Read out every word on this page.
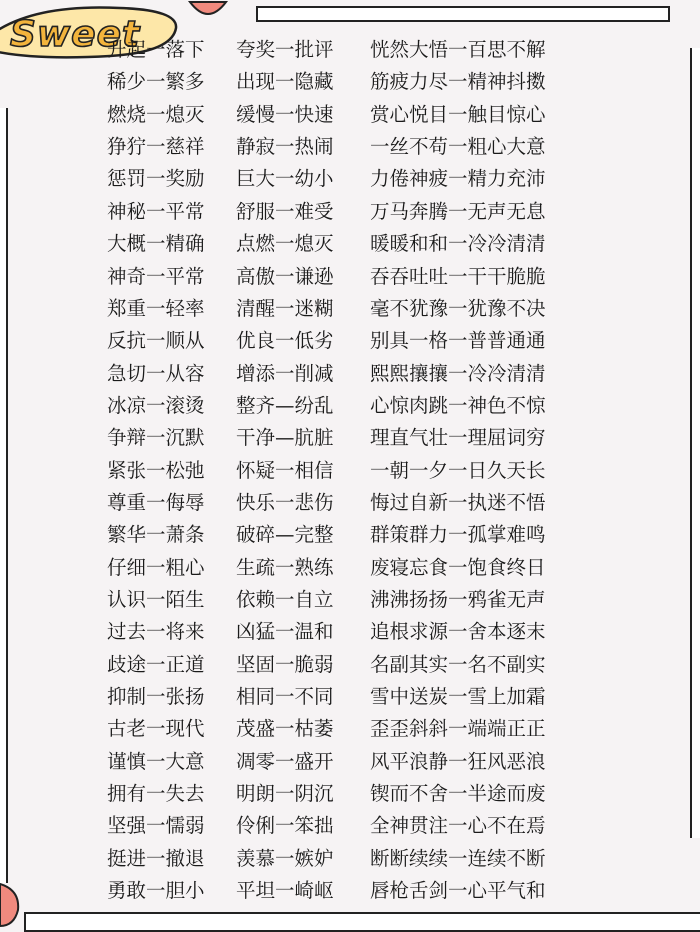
Sweet
升起一落下 夸奖一批评 恍然大悟一百思不解
稀少一繁多 出现一隐藏 筋疲力尽一精神抖擞
燃烧一熄灭 缓慢一快速 赏心悦目一触目惊心
狰狞一慈祥 静寂一热闹 一丝不苟一粗心大意
惩罚一奖励 巨大一幼小 力倦神疲一精力充沛
神秘一平常 舒服一难受 万马奔腾一无声无息
大概一精确 点燃一熄灭 暖暖和和一冷冷清清
神奇一平常 高傲一谦逊 吞吞吐吐一干干脆脆
郑重一轻率 清醒一迷糊 毫不犹豫一犹豫不决
反抗一顺从 优良一低劣 别具一格一普普通通
急切一从容 增添一削减 熙熙攘攘一冷冷清清
冰凉一滚烫 整齐—纷乱 心惊肉跳一神色不惊
争辩一沉默 干净—肮脏 理直气壮一理屈词穷
紧张一松弛 怀疑一相信 一朝一夕一日久天长
尊重一侮辱 快乐一悲伤 悔过自新一执迷不悟
繁华一萧条 破碎—完整 群策群力一孤掌难鸣
仔细一粗心 生疏一熟练 废寝忘食一饱食终日
认识一陌生 依赖一自立 沸沸扬扬一鸦雀无声
过去一将来 凶猛一温和 追根求源一舍本逐末
歧途一正道 坚固一脆弱 名副其实一名不副实
抑制一张扬 相同一不同 雪中送炭一雪上加霜
古老一现代 茂盛一枯萎 歪歪斜斜一端端正正
谨慎一大意 凋零一盛开 风平浪静一狂风恶浪
拥有一失去 明朗一阴沉 锲而不舍一半途而废
坚强一懦弱 伶俐一笨拙 全神贯注一心不在焉
挺进一撤退 羡慕一嫉妒 断断续续一连续不断
勇敢一胆小 平坦一崎岖 唇枪舌剑一心平气和
